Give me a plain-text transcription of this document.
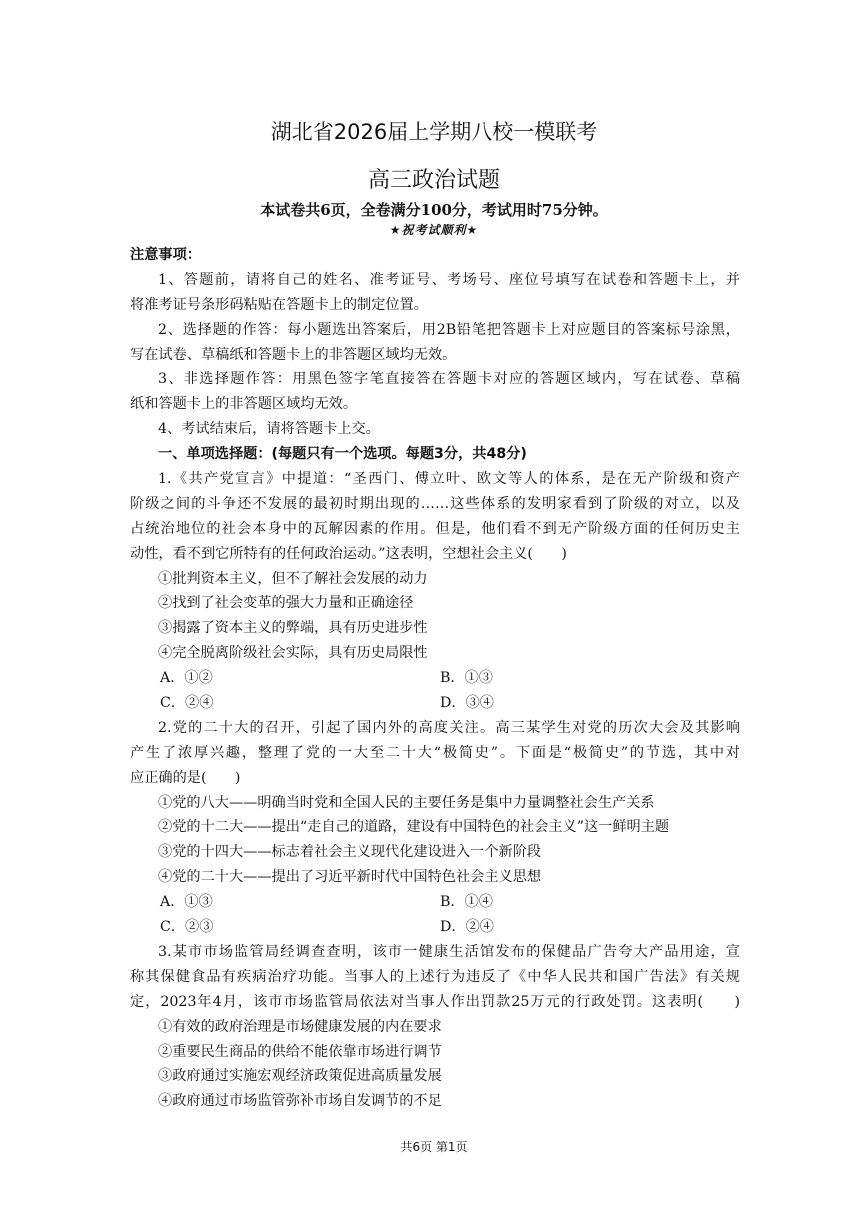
湖北省2026届上学期八校一模联考
高三政治试题
本试卷共6页，全卷满分100分，考试用时75分钟。
★祝考试顺利★
注意事项：
1、答题前，请将自己的姓名、准考证号、考场号、座位号填写在试卷和答题卡上，并
将准考证号条形码粘贴在答题卡上的制定位置。
2、选择题的作答：每小题选出答案后，用2B铅笔把答题卡上对应题目的答案标号涂黑，
写在试卷、草稿纸和答题卡上的非答题区域均无效。
3、非选择题作答：用黑色签字笔直接答在答题卡对应的答题区域内，写在试卷、草稿
纸和答题卡上的非答题区域均无效。
4、考试结束后，请将答题卡上交。
一、单项选择题：(每题只有一个选项。每题3分，共48分)
1.《共产党宣言》中提道：“圣西门、傅立叶、欧文等人的体系，是在无产阶级和资产
阶级之间的斗争还不发展的最初时期出现的……这些体系的发明家看到了阶级的对立，以及
占统治地位的社会本身中的瓦解因素的作用。但是，他们看不到无产阶级方面的任何历史主
动性，看不到它所特有的任何政治运动。”这表明，空想社会主义(　　)
①批判资本主义，但不了解社会发展的动力
②找到了社会变革的强大力量和正确途径
③揭露了资本主义的弊端，具有历史进步性
④完全脱离阶级社会实际，具有历史局限性
A．①②	B．①③
C．②④	D．③④
2.党的二十大的召开，引起了国内外的高度关注。高三某学生对党的历次大会及其影响
产生了浓厚兴趣，整理了党的一大至二十大“极简史”。下面是“极简史”的节选，其中对
应正确的是(　　)
①党的八大——明确当时党和全国人民的主要任务是集中力量调整社会生产关系
②党的十二大——提出“走自己的道路，建设有中国特色的社会主义”这一鲜明主题
③党的十四大——标志着社会主义现代化建设进入一个新阶段
④党的二十大——提出了习近平新时代中国特色社会主义思想
A．①③	B．①④
C．②③	D．②④
3.某市市场监管局经调查查明，该市一健康生活馆发布的保健品广告夸大产品用途，宣
称其保健食品有疾病治疗功能。当事人的上述行为违反了《中华人民共和国广告法》有关规
定，2023年4月，该市市场监管局依法对当事人作出罚款25万元的行政处罚。这表明(　　)
①有效的政府治理是市场健康发展的内在要求
②重要民生商品的供给不能依靠市场进行调节
③政府通过实施宏观经济政策促进高质量发展
④政府通过市场监管弥补市场自发调节的不足
共6页 第1页
